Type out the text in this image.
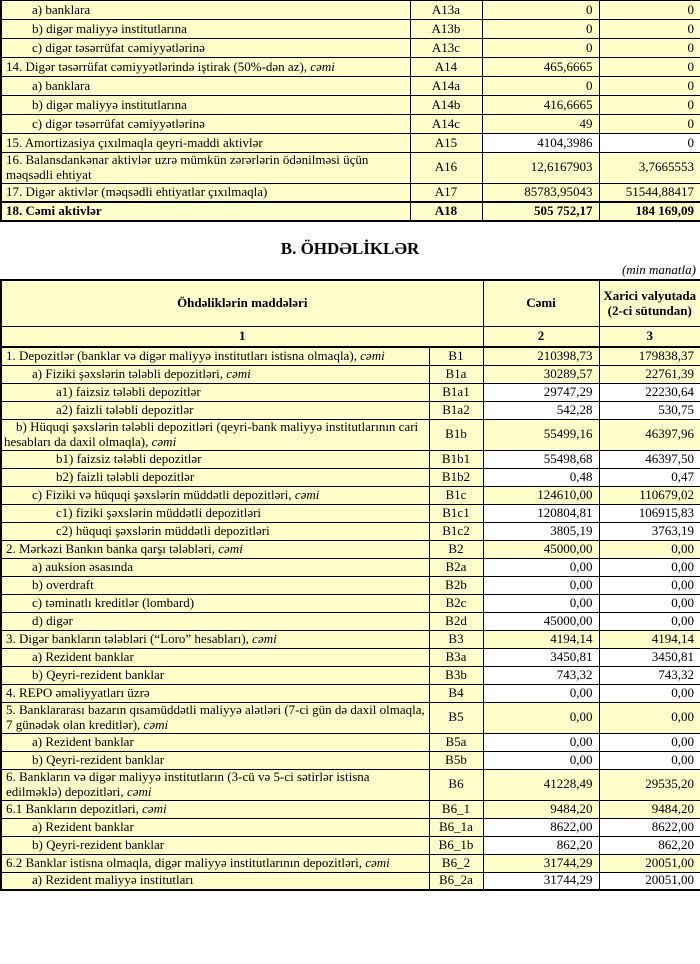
a) banklara	A13a	0	0
b) digər maliyyə institutlarına	A13b	0	0
c) digər təsərrüfat cəmiyyətlərinə	A13c	0	0
14. Digər təsərrüfat cəmiyyətlərində iştirak (50%-dən az), cəmi	A14	465,6665	0
a) banklara	A14a	0	0
b) digər maliyyə institutlarına	A14b	416,6665	0
c) digər təsərrüfat cəmiyyətlərinə	A14c	49	0
15. Amortizasiya çıxılmaqla qeyri-maddi aktivlər	A15	4104,3986	0
16. Balansdankənar aktivlər uzrə mümkün zərərlərin ödənilməsi üçün məqsədli ehtiyat	A16	12,6167903	3,7665553
17. Digər aktivlər (məqsədli ehtiyatlar çıxılmaqla)	A17	85783,95043	51544,88417
18. Cəmi aktivlər	A18	505 752,17	184 169,09
B. ÖHDƏLİKLƏR
(min manatla)
Öhdəliklərin maddələri		Cəmi	Xarici valyutada (2-ci sütundan)
1		2	3
1. Depozitlər (banklar və digər maliyyə institutları istisna olmaqla), cəmi	B1	210398,73	179838,37
a) Fiziki şəxslərin tələbli depozitləri, cəmi	B1a	30289,57	22761,39
a1) faizsiz tələbli depozitlər	B1a1	29747,29	22230,64
a2) faizli tələbli depozitlər	B1a2	542,28	530,75
b) Hüquqi şəxslərin tələbli depozitləri (qeyri-bank maliyyə institutlarının cari hesabları da daxil olmaqla), cəmi	B1b	55499,16	46397,96
b1) faizsiz tələbli depozitlər	B1b1	55498,68	46397,50
b2) faizli tələbli depozitlər	B1b2	0,48	0,47
c) Fiziki və hüquqi şəxslərin müddətli depozitləri, cəmi	B1c	124610,00	110679,02
c1) fiziki şəxslərin müddətli depozitləri	B1c1	120804,81	106915,83
c2) hüquqi şəxslərin müddətli depozitləri	B1c2	3805,19	3763,19
2. Mərkəzi Bankın banka qarşı tələbləri, cəmi	B2	45000,00	0,00
a) auksion əsasında	B2a	0,00	0,00
b) overdraft	B2b	0,00	0,00
c) təminatlı kreditlər (lombard)	B2c	0,00	0,00
d) digər	B2d	45000,00	0,00
3. Digər bankların tələbləri (“Loro” hesabları), cəmi	B3	4194,14	4194,14
a) Rezident banklar	B3a	3450,81	3450,81
b) Qeyri-rezident banklar	B3b	743,32	743,32
4. REPO əməliyyatları üzrə	B4	0,00	0,00
5. Banklararası bazarın qısamüddətli maliyyə alətləri (7-ci gün də daxil olmaqla, 7 günədək olan kreditlər), cəmi	B5	0,00	0,00
a) Rezident banklar	B5a	0,00	0,00
b) Qeyri-rezident banklar	B5b	0,00	0,00
6. Bankların və digər maliyyə institutların (3-cü və 5-ci sətirlər istisna edilməklə) depozitləri, cəmi	B6	41228,49	29535,20
6.1 Bankların depozitləri, cəmi	B6_1	9484,20	9484,20
a) Rezident banklar	B6_1a	8622,00	8622,00
b) Qeyri-rezident banklar	B6_1b	862,20	862,20
6.2 Banklar istisna olmaqla, digər maliyyə institutlarının depozitləri, cəmi	B6_2	31744,29	20051,00
a) Rezident maliyyə institutları	B6_2a	31744,29	20051,00
